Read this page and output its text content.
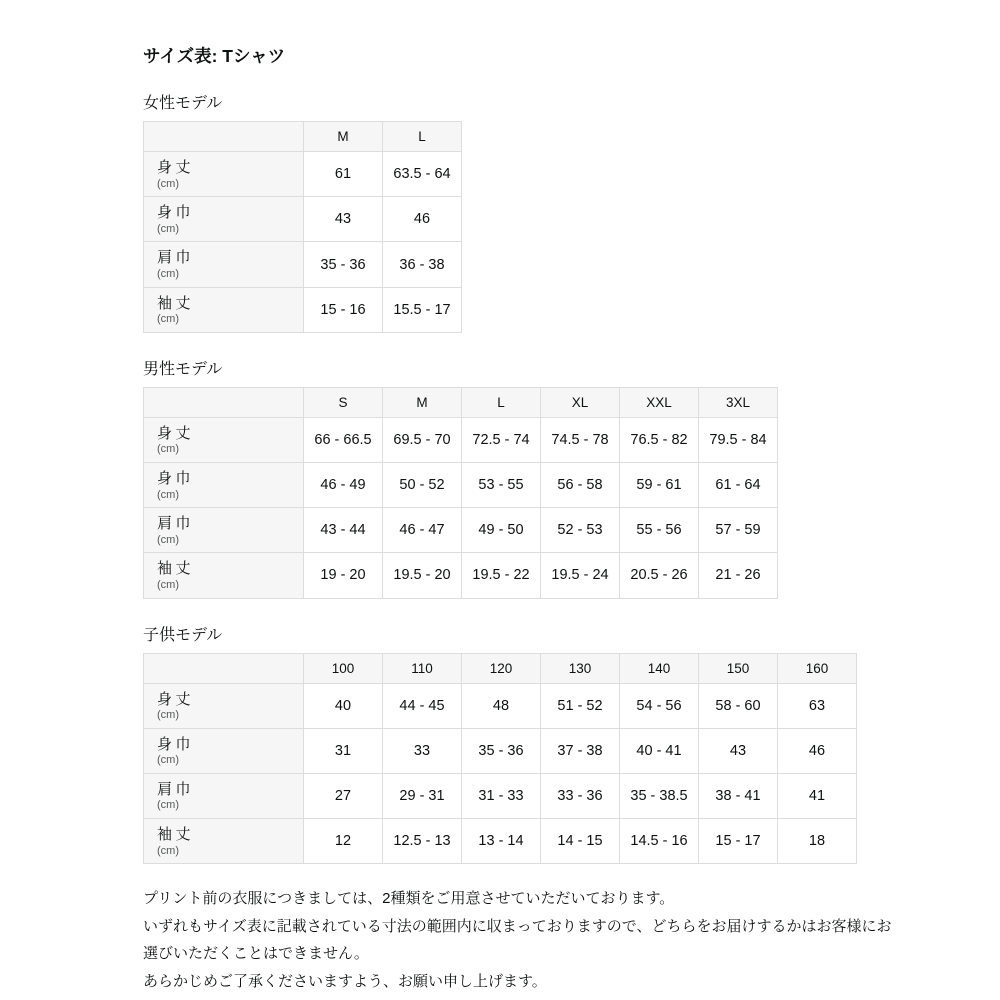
サイズ表: Tシャツ
女性モデル
	M	L

身丈
(cm)	61	63.5 - 64

身巾
(cm)	43	46

肩巾
(cm)	35 - 36	36 - 38

袖丈
(cm)	15 - 16	15.5 - 17
男性モデル
	S	M	L	XL	XXL	3XL

身丈
(cm)	66 - 66.5	69.5 - 70	72.5 - 74	74.5 - 78	76.5 - 82	79.5 - 84

身巾
(cm)	46 - 49	50 - 52	53 - 55	56 - 58	59 - 61	61 - 64

肩巾
(cm)	43 - 44	46 - 47	49 - 50	52 - 53	55 - 56	57 - 59

袖丈
(cm)	19 - 20	19.5 - 20	19.5 - 22	19.5 - 24	20.5 - 26	21 - 26
子供モデル
	100	110	120	130	140	150	160

身丈
(cm)	40	44 - 45	48	51 - 52	54 - 56	58 - 60	63

身巾
(cm)	31	33	35 - 36	37 - 38	40 - 41	43	46

肩巾
(cm)	27	29 - 31	31 - 33	33 - 36	35 - 38.5	38 - 41	41

袖丈
(cm)	12	12.5 - 13	13 - 14	14 - 15	14.5 - 16	15 - 17	18

プリント前の衣服につきましては、2種類をご用意させていただいております。

いずれもサイズ表に記載されている寸法の範囲内に収まっておりますので、どちらをお届けするかはお客様にお

選びいただくことはできません。

あらかじめご了承くださいますよう、お願い申し上げます。
